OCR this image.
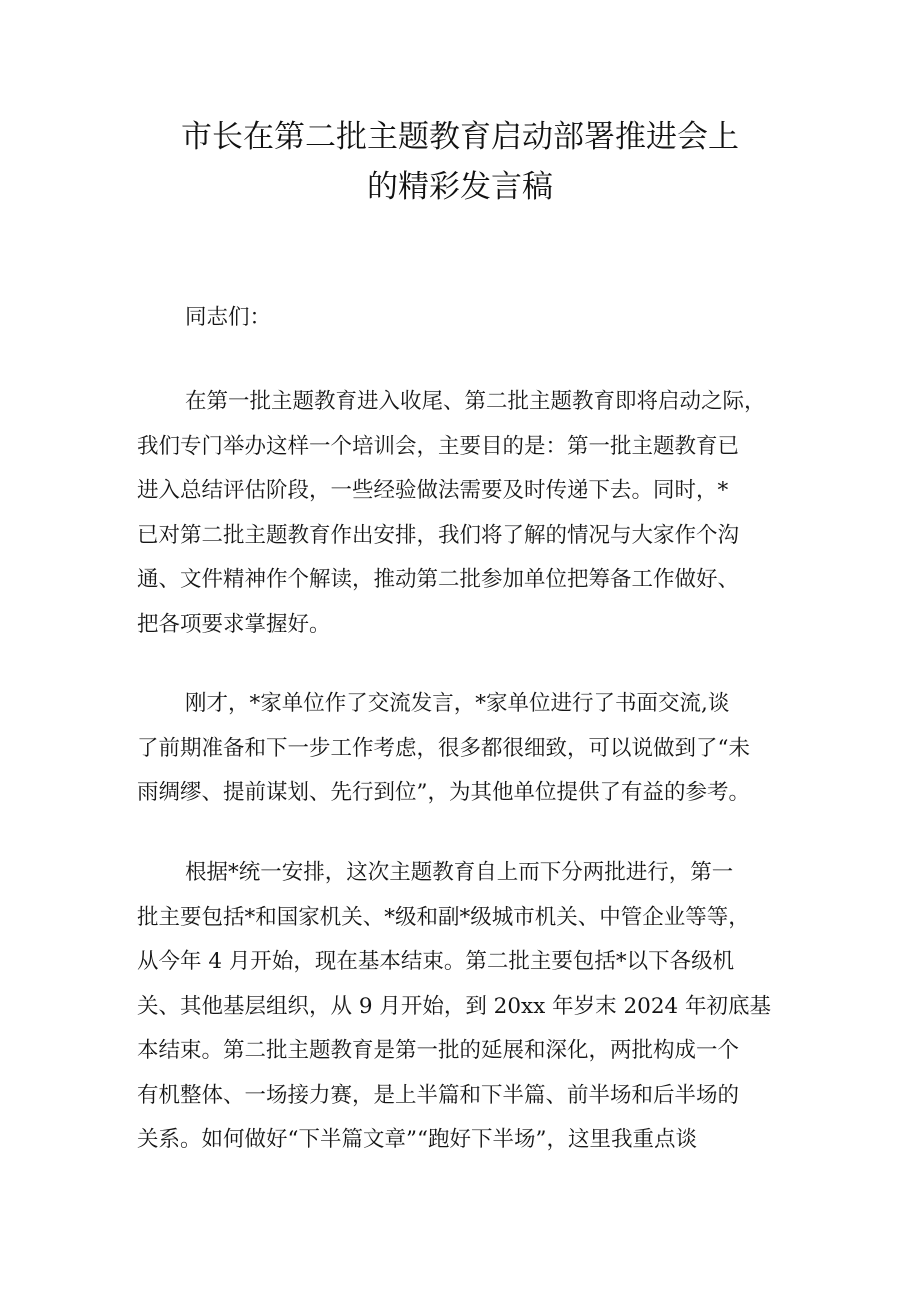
市长在第二批主题教育启动部署推进会上
的精彩发言稿
同志们：
在第一批主题教育进入收尾、第二批主题教育即将启动之际，
我们专门举办这样一个培训会，主要目的是：第一批主题教育已
进入总结评估阶段，一些经验做法需要及时传递下去。同时，*
已对第二批主题教育作出安排，我们将了解的情况与大家作个沟
通、文件精神作个解读，推动第二批参加单位把筹备工作做好、
把各项要求掌握好。
刚才，*家单位作了交流发言，*家单位进行了书面交流,谈
了前期准备和下一步工作考虑，很多都很细致，可以说做到了“未
雨绸缪、提前谋划、先行到位”，为其他单位提供了有益的参考。
根据*统一安排，这次主题教育自上而下分两批进行，第一
批主要包括*和国家机关、*级和副*级城市机关、中管企业等等，
从今年 4 月开始，现在基本结束。第二批主要包括*以下各级机
关、其他基层组织，从 9 月开始，到 20xx 年岁末 2024 年初底基
本结束。第二批主题教育是第一批的延展和深化，两批构成一个
有机整体、一场接力赛，是上半篇和下半篇、前半场和后半场的
关系。如何做好“下半篇文章”“跑好下半场”，这里我重点谈
